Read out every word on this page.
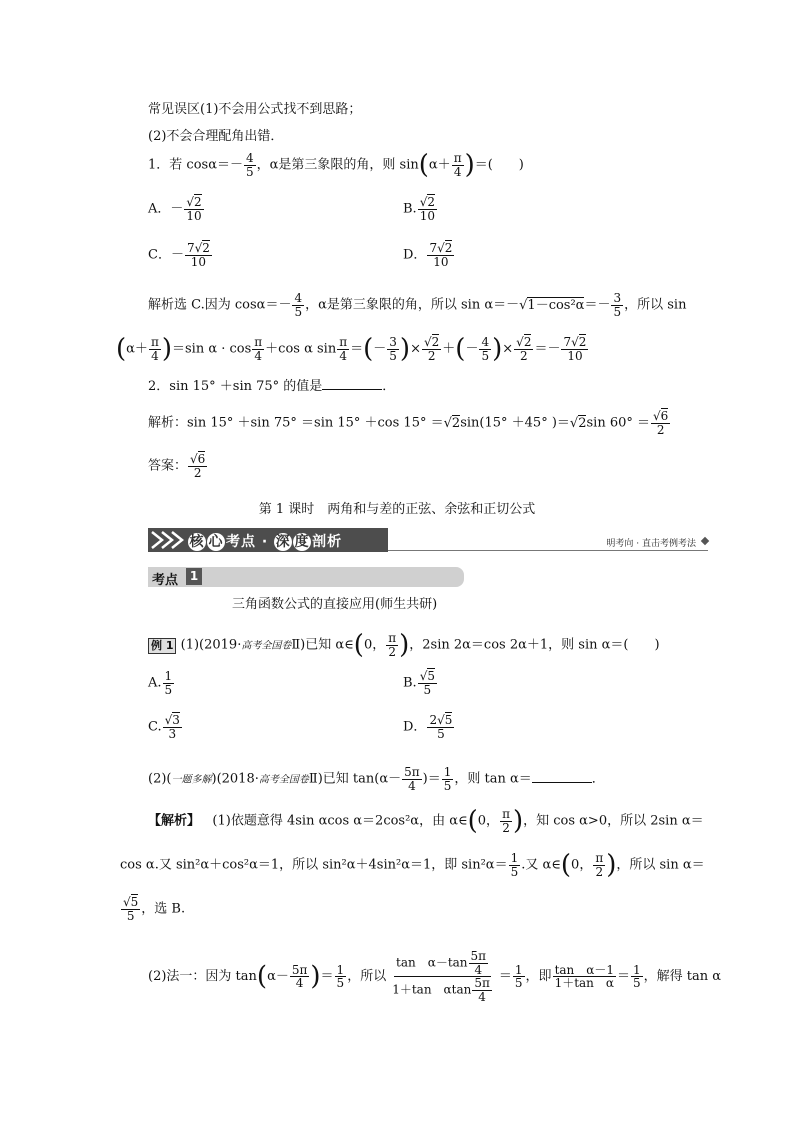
常见误区(1)不会用公式找不到思路；
(2)不会合理配角出错．
1．若 $\cos\alpha=- \frac{4}{5}$ ，α是第三象限的角，则 $\sin(\alpha+ \frac{\pi}{4}$ )＝(　　)
A．－ √ $\frac{2}{10}$	B. √ $\frac{2}{10}$
C．－ $\frac{7 √ 2}{10}$	D． $\frac{7 √ 2}{10}$
解析选 C.因为 $\cos\alpha=- \frac{4}{5}$ ，α是第三象限的角，所以 sin α＝－ √ $1-\cos^2\alpha=- \frac{3}{5}$ ，所以 sin
$(\alpha+ \frac{\pi}{4} )=\sin$ $\alpha \cdot \cos \frac{\pi}{4} +\cos$ α $\sin \frac{\pi}{4}$ ＝(－ $\frac{3}{5}$ )× √ $\frac{2}{2}$ ＋(－ $\frac{4}{5}$ )× √ $\frac{2}{2} =- \frac{7 √ 2}{10}$
2．sin 15° ＋sin 75° 的值是	．
解析：sin 15° ＋sin 75° ＝sin 15° ＋cos 15° ＝ √ 2sin(15° ＋45° )＝ √ 2sin 60° ＝ √ $\frac{6}{2}$
答案： √ $\frac{6}{2}$
第 1 课时　两角和与差的正弦、余弦和正切公式
核 心 考点 · 深 度 剖析	明考向 · 直击考例考法
考点 1
三角函数公式的直接应用(师生共研)
例 1 (1)(2019·高考全国卷Ⅱ)已知 α∈(0， $\frac{\pi}{2}$ )，2sin 2α＝cos 2α＋1，则 sin α＝(　　)
A. $\frac{1}{5}$	B. √ $\frac{5}{5}$
C. √ $\frac{3}{3}$	D． $\frac{2 √ 5}{5}$
(2)(一题多解)(2018·高考全国卷Ⅱ)已知 $\tan(\alpha- \frac{5\pi}{4}$ )＝ $\frac{1}{5}$ ，则 tan α＝	．
【解析】 (1)依题意得 4sin αcos α＝2cos²α，由 α∈(0， $\frac{\pi}{2}$ )，知 cos α>0，所以 2sin α＝
cos α.又 sin²α＋cos²α＝1，所以 sin²α＋4sin²α＝1，即 $\sin^2\alpha= \frac{1}{5}$ .又 α∈(0， $\frac{\pi}{2}$ )，所以 sin α＝
√ $\frac{5}{5}$ ，选 B.
(2)法一：因为 $\tan(\alpha- \frac{5\pi}{4}$ )＝ $\frac{1}{5}$ ，所以 $\frac{\tan \alpha-\tan \frac{5\pi}{4}}{1+\tan \alpha\tan \frac{5\pi}{4}} = \frac{1}{5}$ ，即 $\frac{\text{tan　α－1}}{\text{1＋tan　α}} = \frac{1}{5}$ ，解得 tan α
